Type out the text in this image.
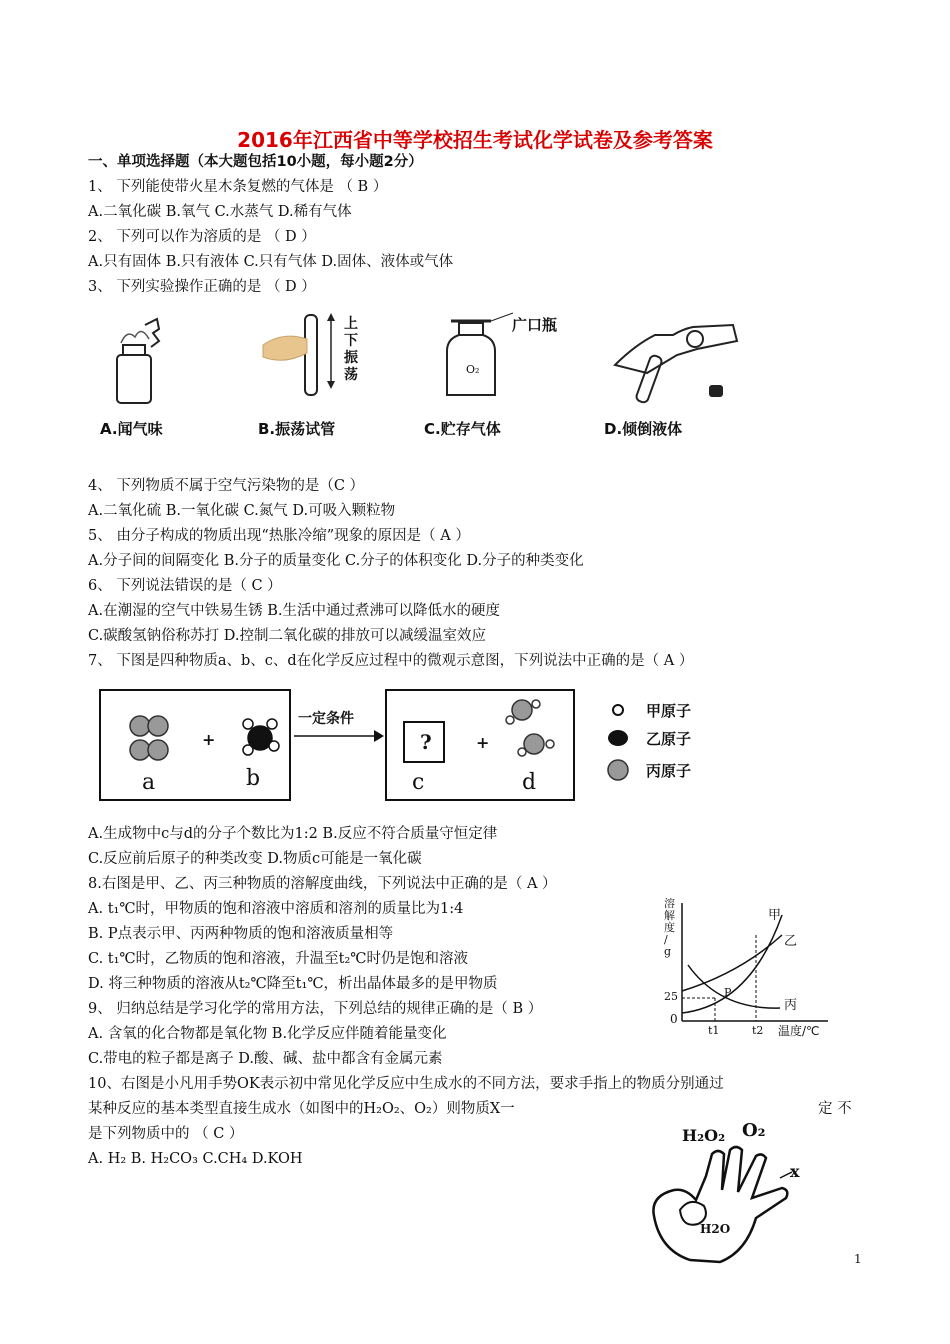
2016年江西省中等学校招生考试化学试卷及参考答案
一、单项选择题（本大题包括10小题，每小题2分）
1、 下列能使带火星木条复燃的气体是 （ B ）
A.二氧化碳 B.氧气 C.水蒸气 D.稀有气体
2、 下列可以作为溶质的是 （ D ）
A.只有固体 B.只有液体 C.只有气体 D.固体、液体或气体
3、 下列实验操作正确的是 （ D ）
广口瓶
O₂
上
下
振
荡
A.闻气味	B.振荡试管	C.贮存气体	D.倾倒液体
4、 下列物质不属于空气污染物的是（C ）
A.二氧化硫 B.一氧化碳 C.氮气 D.可吸入颗粒物
5、 由分子构成的物质出现“热胀冷缩”现象的原因是（ A ）
A.分子间的间隔变化 B.分子的质量变化 C.分子的体积变化 D.分子的种类变化
6、 下列说法错误的是（ C ）
A.在潮湿的空气中铁易生锈 B.生活中通过煮沸可以降低水的硬度
C.碳酸氢钠俗称苏打 D.控制二氧化碳的排放可以减缓温室效应
7、 下图是四种物质a、b、c、d在化学反应过程中的微观示意图，下列说法中正确的是（ A ）
一定条件
+	+
?
a	b	c	d
甲原子
乙原子
丙原子
A.生成物中c与d的分子个数比为1:2 B.反应不符合质量守恒定律
C.反应前后原子的种类改变 D.物质c可能是一氧化碳
8.右图是甲、乙、丙三种物质的溶解度曲线，下列说法中正确的是（ A ）
A. t₁℃时，甲物质的饱和溶液中溶质和溶剂的质量比为1:4
B. P点表示甲、丙两种物质的饱和溶液质量相等
C. t₁℃时，乙物质的饱和溶液，升温至t₂℃时仍是饱和溶液
D. 将三种物质的溶液从t₂℃降至t₁℃，析出晶体最多的是甲物质
溶
解
度
/
g
25
0
t1	t2 温度/℃
P
甲
乙
丙
9、 归纳总结是学习化学的常用方法，下列总结的规律正确的是（ B ）
A. 含氧的化合物都是氧化物 B.化学反应伴随着能量变化
C.带电的粒子都是离子 D.酸、碱、盐中都含有金属元素
10、右图是小凡用手势OK表示初中常见化学反应中生成水的不同方法，要求手指上的物质分别通过
某种反应的基本类型直接生成水（如图中的H₂O₂、O₂）则物质X一	定 不
是下列物质中的 （ C ）
A. H₂ B. H₂CO₃ C.CH₄ D.KOH
H₂O₂ O₂
x
H2O
1
